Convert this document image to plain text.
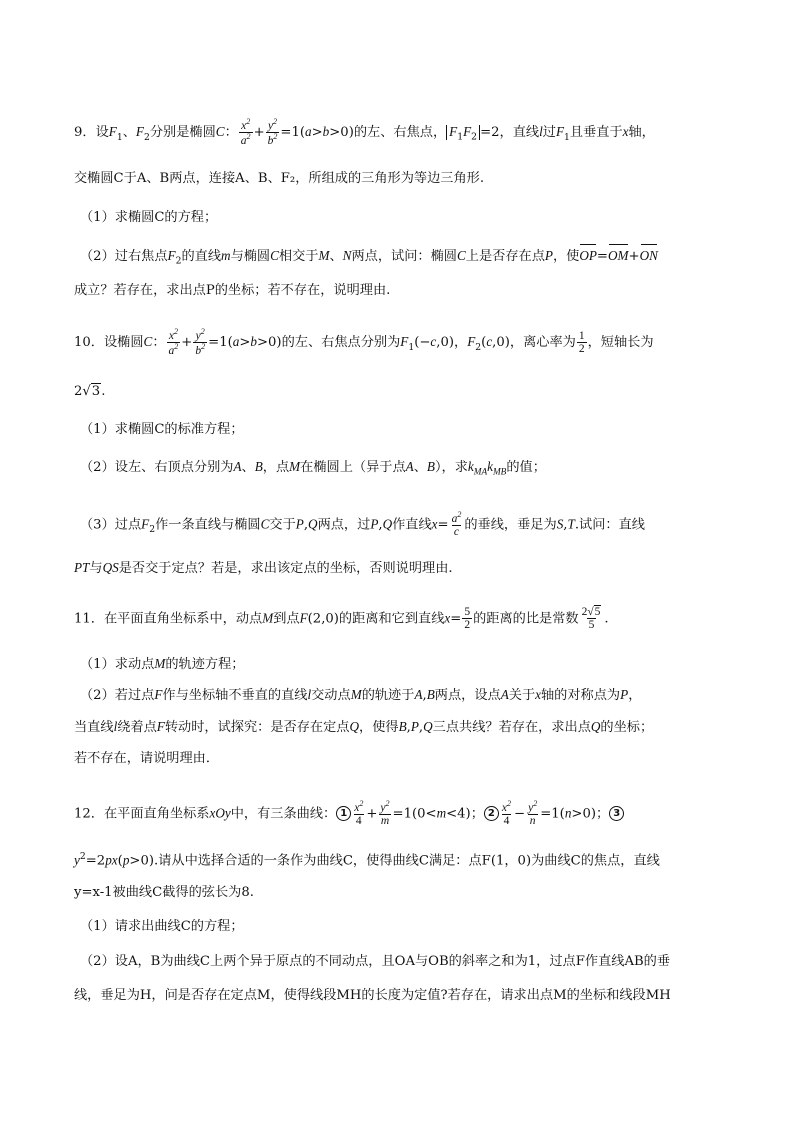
9．设$F_1$、$F_2$分别是椭圆C： $\frac{x^2}{a^2} + \frac{y^2}{b^2} =1(a>b>0)$的左、右焦点， $F_1F_2 =2$，直线l过$F_1$且垂直于x轴，
交椭圆C于A、B两点，连接A、B、F₂，所组成的三角形为等边三角形.
（1）求椭圆C的方程；
（2）过右焦点$F_2$的直线m与椭圆C相交于M、N两点，试问：椭圆C上是否存在点P，使OP=OM+ON
成立？若存在，求出点P的坐标；若不存在，说明理由.
10．设椭圆C： $\frac{x^2}{a^2} + \frac{y^2}{b^2} =1(a>b>0)$的左、右焦点分别为$F_1(-c,0)$，$F_2(c,0)$，离心率为 $\frac{1}{2}$ ，短轴长为
2√3.
（1）求椭圆C的标准方程；
（2）设左、右顶点分别为A、B，点M在椭圆上（异于点A、B），求$k_{MA}k_{MB}$的值；
（3）过点$F_2$作一条直线与椭圆C交于P,Q两点，过P,Q作直线$x= \frac{a^2}{c}$ 的垂线，垂足为S,T.试问：直线
PT与QS是否交于定点？若是，求出该定点的坐标，否则说明理由.
11．在平面直角坐标系中，动点M到点F(2,0)的距离和它到直线$x= \frac{5}{2}$ 的距离的比是常数 $\frac{2√5}{5}$ .
（1）求动点M的轨迹方程；
（2）若过点F作与坐标轴不垂直的直线l交动点M的轨迹于A,B两点，设点A关于x轴的对称点为P，
当直线l绕着点F转动时，试探究：是否存在定点Q，使得B,P,Q三点共线？若存在，求出点Q的坐标；
若不存在，请说明理由．
12．在平面直角坐标系xOy中，有三条曲线： $1 \frac{x^2}{4} + \frac{y^2}{m} =1(0<m<4)$； $2 \frac{x^2}{4} - \frac{y^2}{n} =1(n>0)$； 3
$y^2=2px(p>0)$.请从中选择合适的一条作为曲线C，使得曲线C满足：点F(1，0)为曲线C的焦点，直线
y=x-1被曲线C截得的弦长为8.
（1）请求出曲线C的方程；
（2）设A，B为曲线C上两个异于原点的不同动点，且OA与OB的斜率之和为1，过点F作直线AB的垂
线，垂足为H，问是否存在定点M，使得线段MH的长度为定值?若存在，请求出点M的坐标和线段MH
